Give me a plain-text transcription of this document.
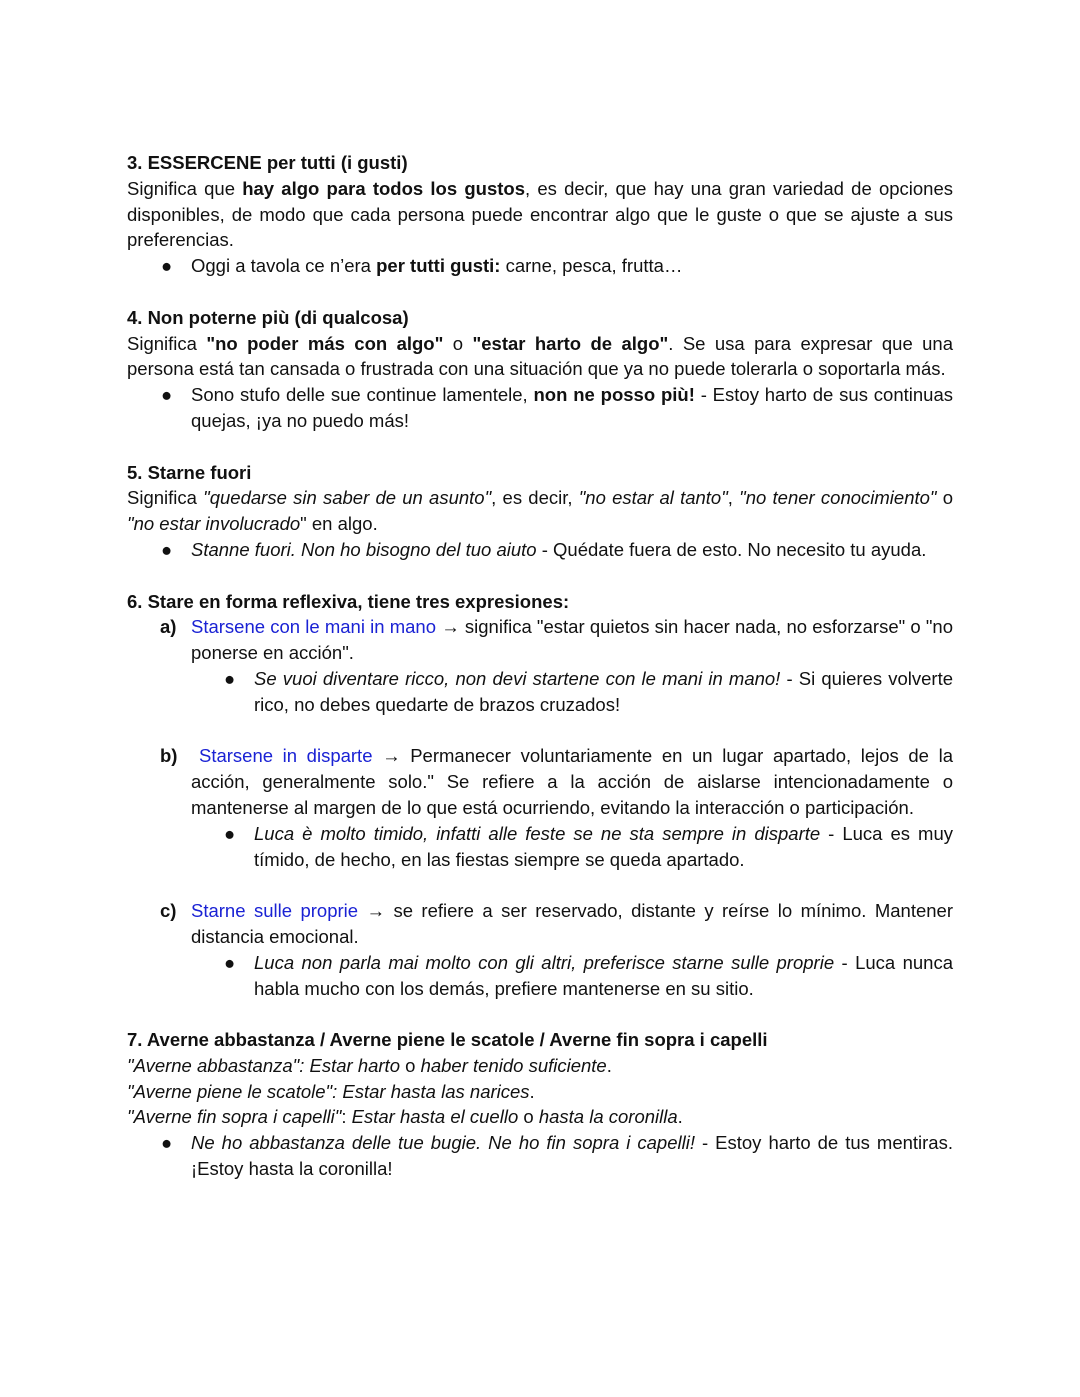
3. ESSERCENE per tutti (i gusti)

Significa que hay algo para todos los gustos, es decir, que hay una gran variedad de opciones disponibles, de modo que cada persona puede encontrar algo que le guste o que se ajuste a sus preferencias.

● Oggi a tavola ce n’era per tutti gusti: carne, pesca, frutta…

4. Non poterne più (di qualcosa)

Significa "no poder más con algo" o "estar harto de algo". Se usa para expresar que una persona está tan cansada o frustrada con una situación que ya no puede tolerarla o soportarla más.

● Sono stufo delle sue continue lamentele, non ne posso più! - Estoy harto de sus continuas quejas, ¡ya no puedo más!

5. Starne fuori

Significa "quedarse sin saber de un asunto", es decir, "no estar al tanto", "no tener conocimiento" o "no estar involucrado" en algo.

● Stanne fuori. Non ho bisogno del tuo aiuto - Quédate fuera de esto. No necesito tu ayuda.

6. Stare en forma reflexiva, tiene tres expresiones:

a) Starsene con le mani in mano → significa "estar quietos sin hacer nada, no esforzarse" o "no ponerse en acción".
● Se vuoi diventare ricco, non devi startene con le mani in mano! - Si quieres volverte rico, no debes quedarte de brazos cruzados!
b) Starsene in disparte → Permanecer voluntariamente en un lugar apartado, lejos de la acción, generalmente solo." Se refiere a la acción de aislarse intencionadamente o mantenerse al margen de lo que está ocurriendo, evitando la interacción o participación.
● Luca è molto timido, infatti alle feste se ne sta sempre in disparte - Luca es muy tímido, de hecho, en las fiestas siempre se queda apartado.
c) Starne sulle proprie → se refiere a ser reservado, distante y reírse lo mínimo. Mantener distancia emocional.
● Luca non parla mai molto con gli altri, preferisce starne sulle proprie - Luca nunca habla mucho con los demás, prefiere mantenerse en su sitio.

7. Averne abbastanza / Averne piene le scatole / Averne fin sopra i capelli

"Averne abbastanza": Estar harto o haber tenido suficiente.

"Averne piene le scatole": Estar hasta las narices.

"Averne fin sopra i capelli": Estar hasta el cuello o hasta la coronilla.

● Ne ho abbastanza delle tue bugie. Ne ho fin sopra i capelli! - Estoy harto de tus mentiras. ¡Estoy hasta la coronilla!
